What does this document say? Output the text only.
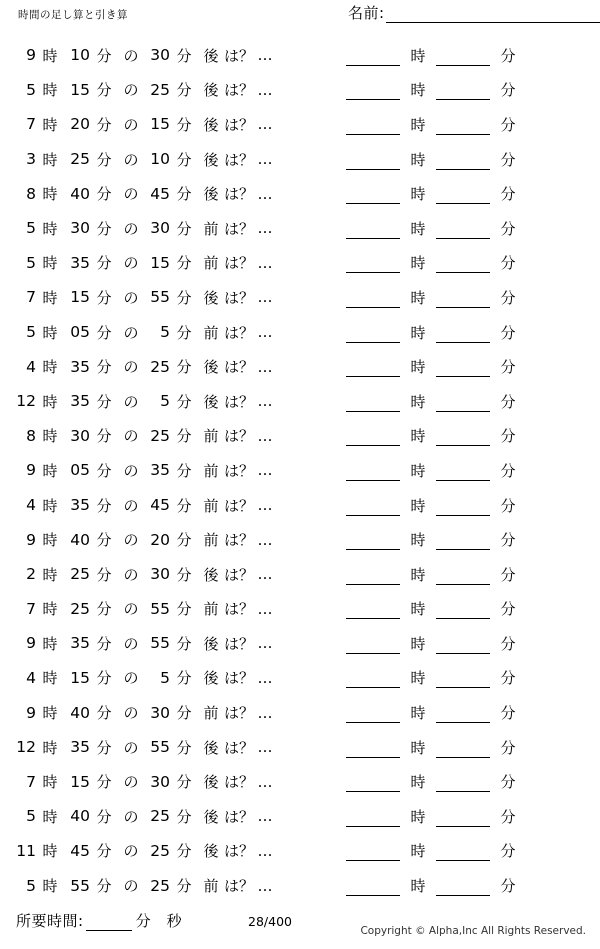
時間の足し算と引き算	名前:
9 時 10 分 の 30 分 後 は？ …	時	分
5 時 15 分 の 25 分 後 は？ …	時	分
7 時 20 分 の 15 分 後 は？ …	時	分
3 時 25 分 の 10 分 後 は？ …	時	分
8 時 40 分 の 45 分 後 は？ …	時	分
5 時 30 分 の 30 分 前 は？ …	時	分
5 時 35 分 の 15 分 前 は？ …	時	分
7 時 15 分 の 55 分 後 は？ …	時	分
5 時 05 分 の	5 分 前 は？ …	時	分
4 時 35 分 の 25 分 後 は？ …	時	分
12 時 35 分 の	5 分 後 は？ …	時	分
8 時 30 分 の 25 分 前 は？ …	時	分
9 時 05 分 の 35 分 前 は？ …	時	分
4 時 35 分 の 45 分 前 は？ …	時	分
9 時 40 分 の 20 分 前 は？ …	時	分
2 時 25 分 の 30 分 後 は？ …	時	分
7 時 25 分 の 55 分 前 は？ …	時	分
9 時 35 分 の 55 分 後 は？ …	時	分
4 時 15 分 の	5 分 後 は？ …	時	分
9 時 40 分 の 30 分 前 は？ …	時	分
12 時 35 分 の 55 分 後 は？ …	時	分
7 時 15 分 の 30 分 後 は？ …	時	分
5 時 40 分 の 25 分 後 は？ …	時	分
11 時 45 分 の 25 分 後 は？ …	時	分
5 時 55 分 の 25 分 前 は？ …	時	分
所要時間:	分 秒	28/400
Copyright © Alpha,Inc All Rights Reserved.
